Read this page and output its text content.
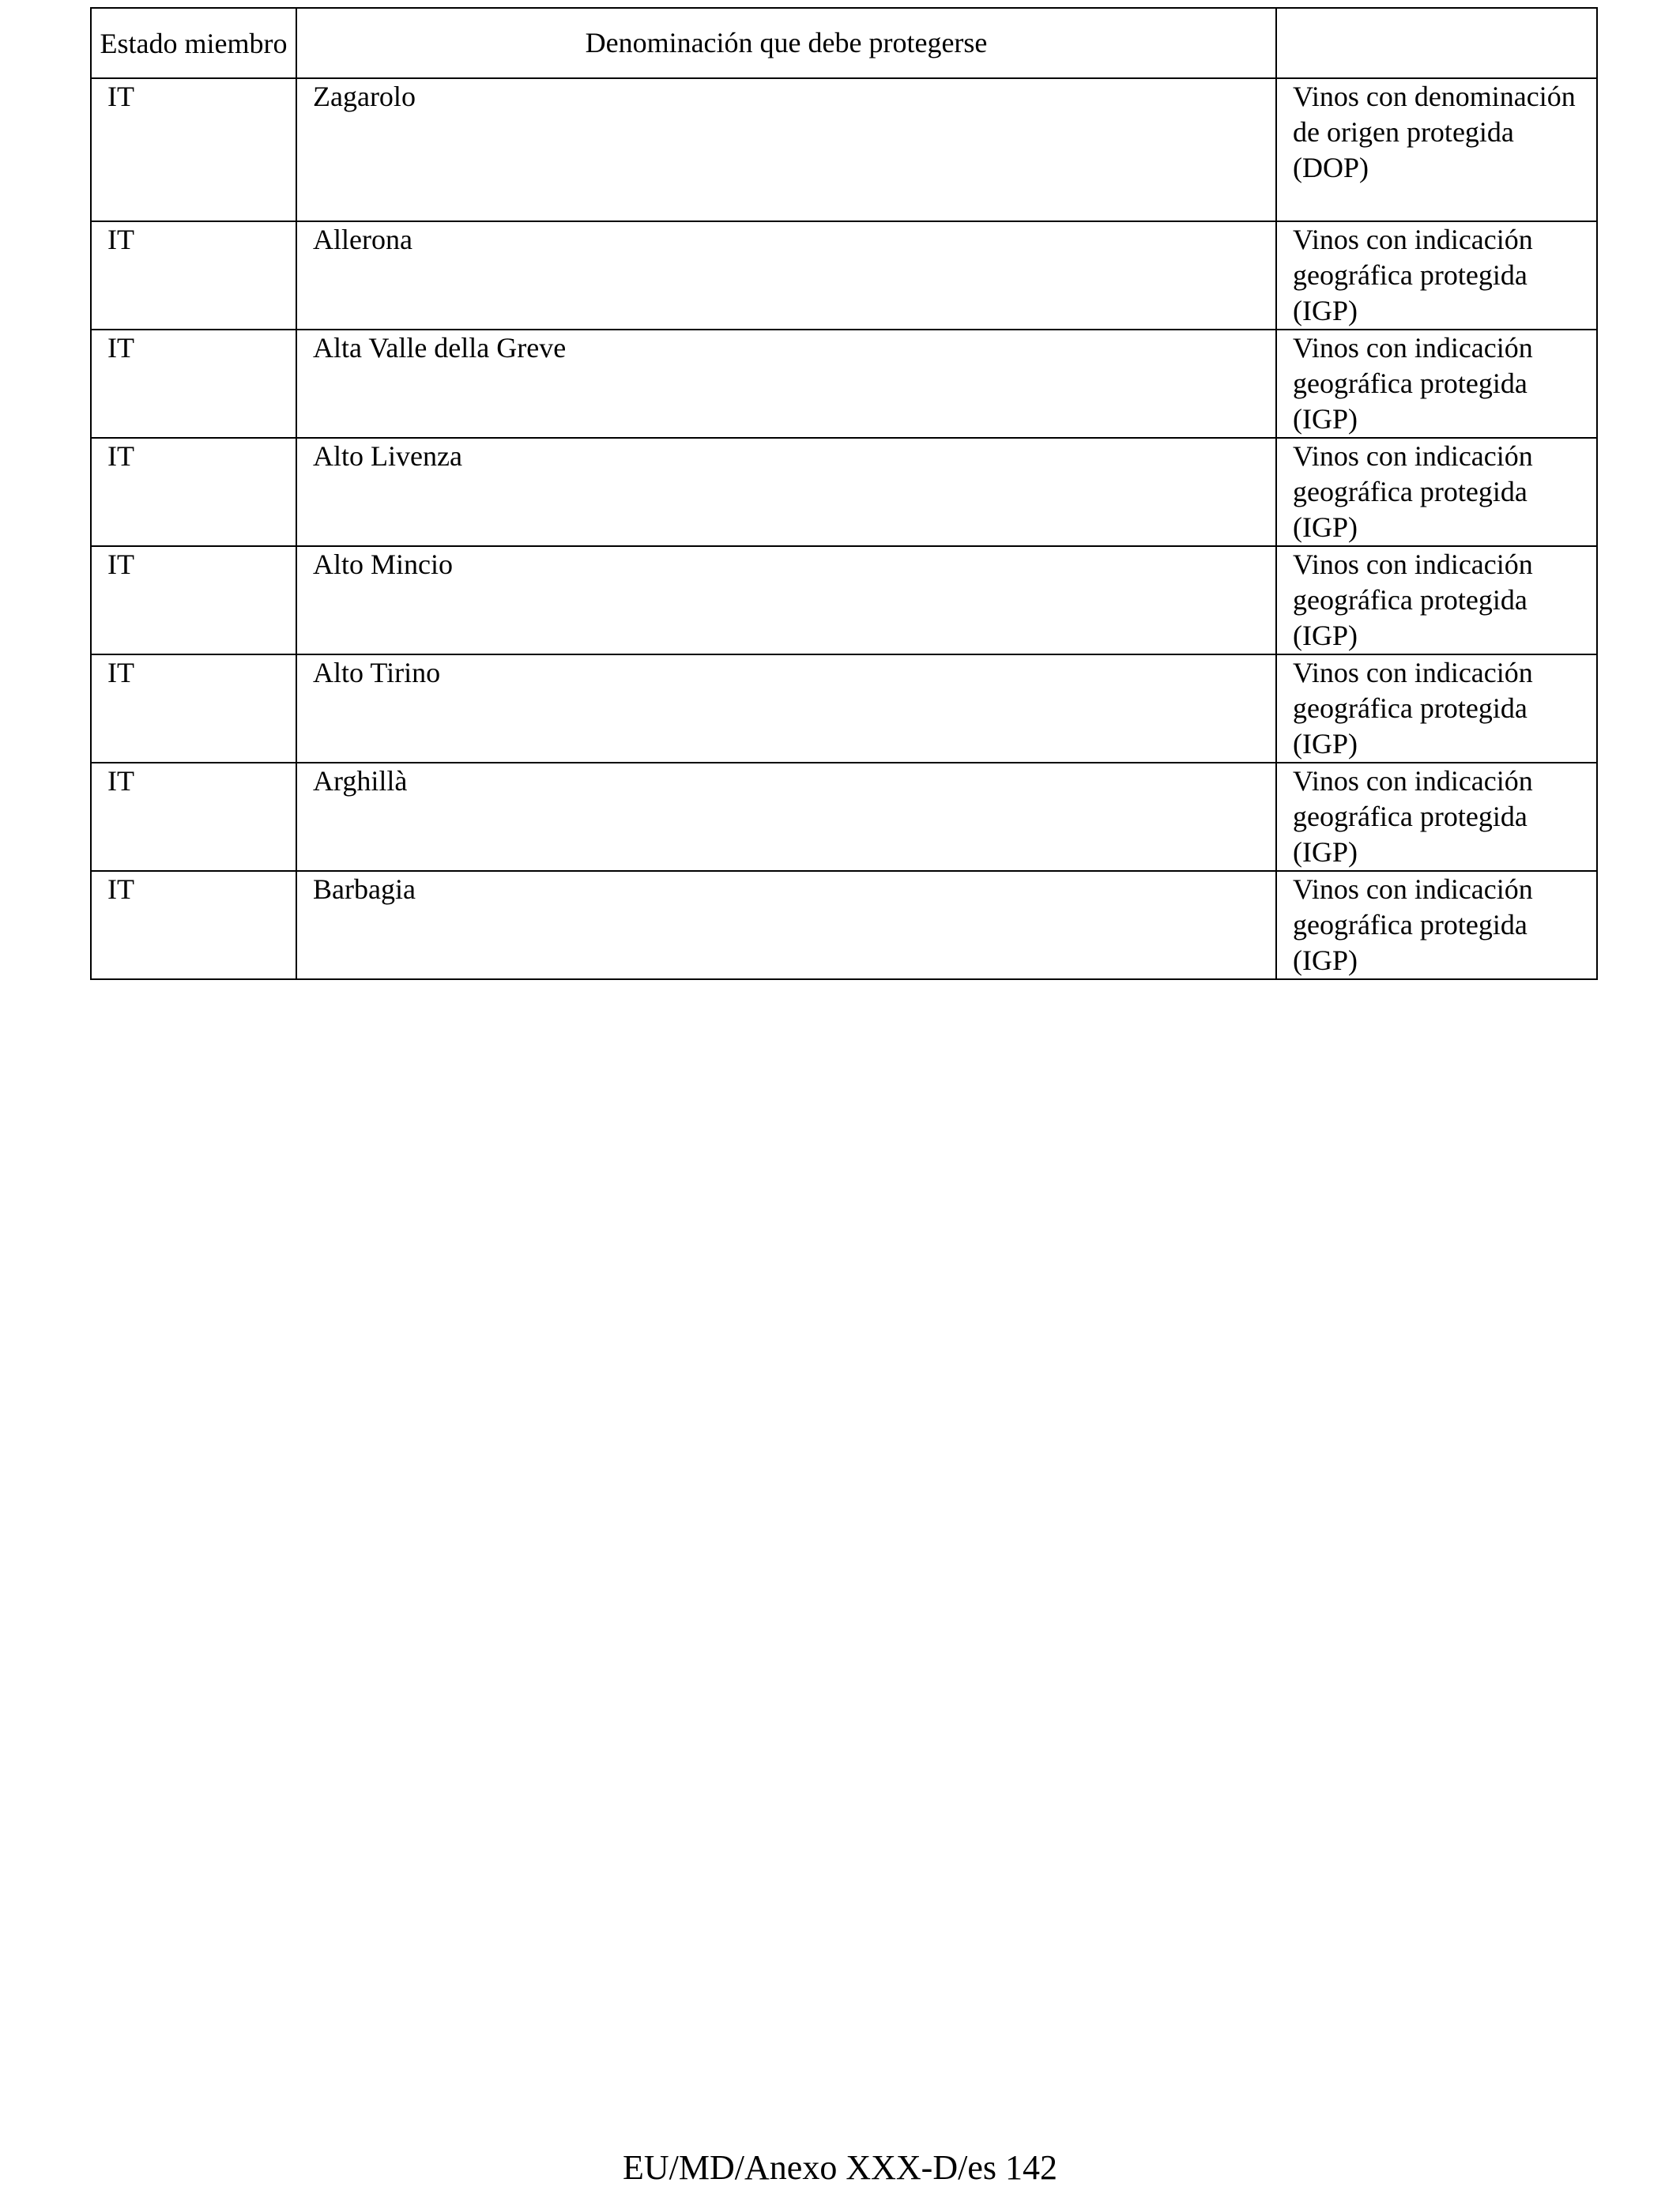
Estado miembro	Denominación que debe protegerse	
IT	Zagarolo	Vinos con denominación de origen protegida (DOP)
IT	Allerona	Vinos con indicación geográfica protegida (IGP)
IT	Alta Valle della Greve	Vinos con indicación geográfica protegida (IGP)
IT	Alto Livenza	Vinos con indicación geográfica protegida (IGP)
IT	Alto Mincio	Vinos con indicación geográfica protegida (IGP)
IT	Alto Tirino	Vinos con indicación geográfica protegida (IGP)
IT	Arghillà	Vinos con indicación geográfica protegida (IGP)
IT	Barbagia	Vinos con indicación geográfica protegida (IGP)
EU/MD/Anexo XXX-D/es 142
